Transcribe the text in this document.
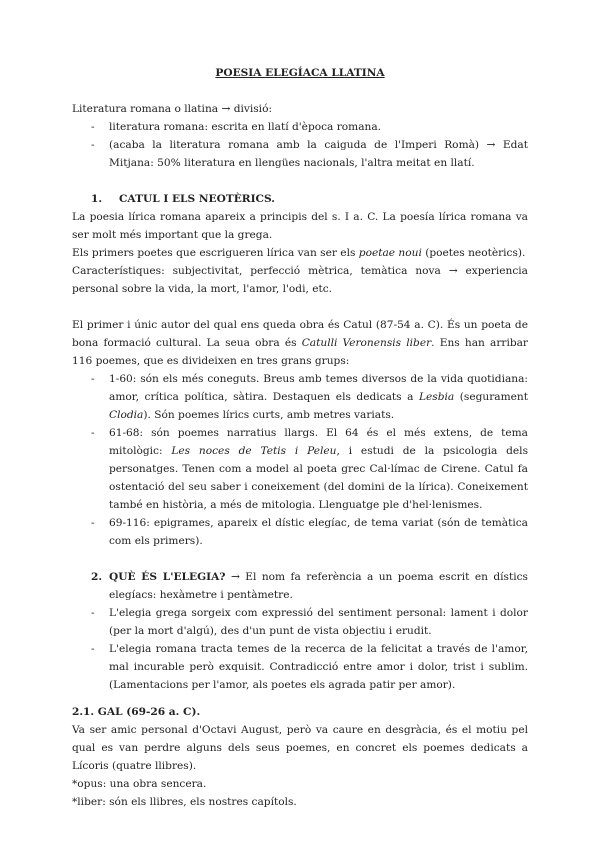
POESIA ELEGÍACA LLATINA

Literatura romana o llatina → divisió:

- literatura romana: escrita en llatí d'època romana.
- (acaba la literatura romana amb la caiguda de l'Imperi Romà) → Edat Mitjana: 50% literatura en llengües nacionals, l'altra meitat en llatí.
1.	CATUL I ELS NEOTÈRICS.

La poesia lírica romana apareix a principis del s. I a. C. La poesía lírica romana va ser molt més important que la grega.

Els primers poetes que escrigueren lírica van ser els poetae noui (poetes neotèrics).

Característiques: subjectivitat, perfecció mètrica, temàtica nova → experiencia personal sobre la vida, la mort, l'amor, l'odi, etc.

El primer i únic autor del qual ens queda obra és Catul (87-54 a. C). És un poeta de bona formació cultural. La seua obra és Catulli Veronensis liber. Ens han arribar 116 poemes, que es divideixen en tres grans grups:

- 1-60: són els més coneguts. Breus amb temes diversos de la vida quotidiana: amor, crítica política, sàtira. Destaquen els dedicats a Lesbia (segurament Clodia). Són poemes lírics curts, amb metres variats.
- 61-68: són poemes narratius llargs. El 64 és el més extens, de tema mitològic: Les noces de Tetis i Peleu, i estudi de la psicologia dels personatges. Tenen com a model al poeta grec Cal·límac de Cirene. Catul fa ostentació del seu saber i coneixement (del domini de la lírica). Coneixement també en història, a més de mitologia. Llenguatge ple d'hel·lenismes.
- 69-116: epigrames, apareix el dístic elegíac, de tema variat (són de temàtica com els primers).
2. QUÈ ÉS L'ELEGIA? → El nom fa referència a un poema escrit en dístics elegíacs: hexàmetre i pentàmetre.
- L'elegia grega sorgeix com expressió del sentiment personal: lament i dolor (per la mort d'algú), des d'un punt de vista objectiu i erudit.
- L'elegia romana tracta temes de la recerca de la felicitat a través de l'amor, mal incurable però exquisit. Contradicció entre amor i dolor, trist i sublim. (Lamentacions per l'amor, als poetes els agrada patir per amor).
2.1. GAL (69-26 a. C).

Va ser amic personal d'Octavi August, però va caure en desgràcia, és el motiu pel qual es van perdre alguns dels seus poemes, en concret els poemes dedicats a Lícoris (quatre llibres).

*opus: una obra sencera.

*liber: són els llibres, els nostres capítols.
